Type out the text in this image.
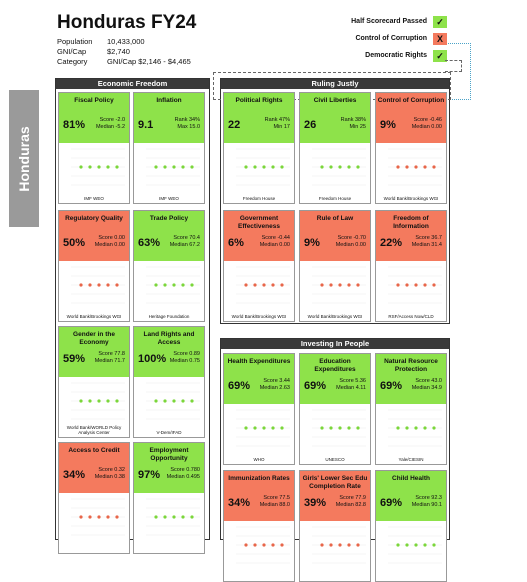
Honduras FY24
Population 10,433,000
GNI/Cap	$2,740
Category	GNI/Cap $2,146 - $4,465
Honduras
Half Scorecard Passed	✓
Control of Corruption	X
Democratic Rights	✓
Economic Freedom	Ruling Justly
Investing In People
Fiscal Policy
81%	Score -2.0
Median -5.2
IMF WEO
Inflation
9.1	Rank 34%
Max 15.0
IMF WEO
Political Rights
22	Rank 47%
Min 17
Freedom House
Civil Liberties
26	Rank 38%
Min 25
Freedom House
Control of Corruption
9%	Score -0.46
Median 0.00
World Bank/Brookings WGI
Regulatory Quality
50%	Score 0.00
Median 0.00
World Bank/Brookings WGI
Trade Policy
63%	Score 70.4
Median 67.2
Heritage Foundation
Government Effectiveness
6%	Score -0.44
Median 0.00
World Bank/Brookings WGI
Rule of Law
9%	Score -0.70
Median 0.00
World Bank/Brookings WGI
Freedom of Information
22%	Score 36.7
Median 31.4
RSF/Access Now/CLD
Gender in the Economy
59%	Score 77.8
Median 71.7
World Bank/WORLD Policy Analysis Center
Land Rights and Access
100%	Score 0.89
Median 0.75
V-Dem/IFAD
Health Expenditures
69%	Score 3.44
Median 2.63
WHO
Education Expenditures
69%	Score 5.36
Median 4.11
UNESCO
Natural Resource Protection
69%	Score 43.0
Median 34.9
Yale/CIESIN
Access to Credit
34%	Score 0.32
Median 0.38
Employment Opportunity
97%	Score 0.780
Median 0.495	Immunization Rates
34%	Score 77.5
Median 88.0
Girls' Lower Sec Edu Completion Rate
39%	Score 77.9
Median 82.8
Child Health
69%	Score 92.3
Median 90.1
